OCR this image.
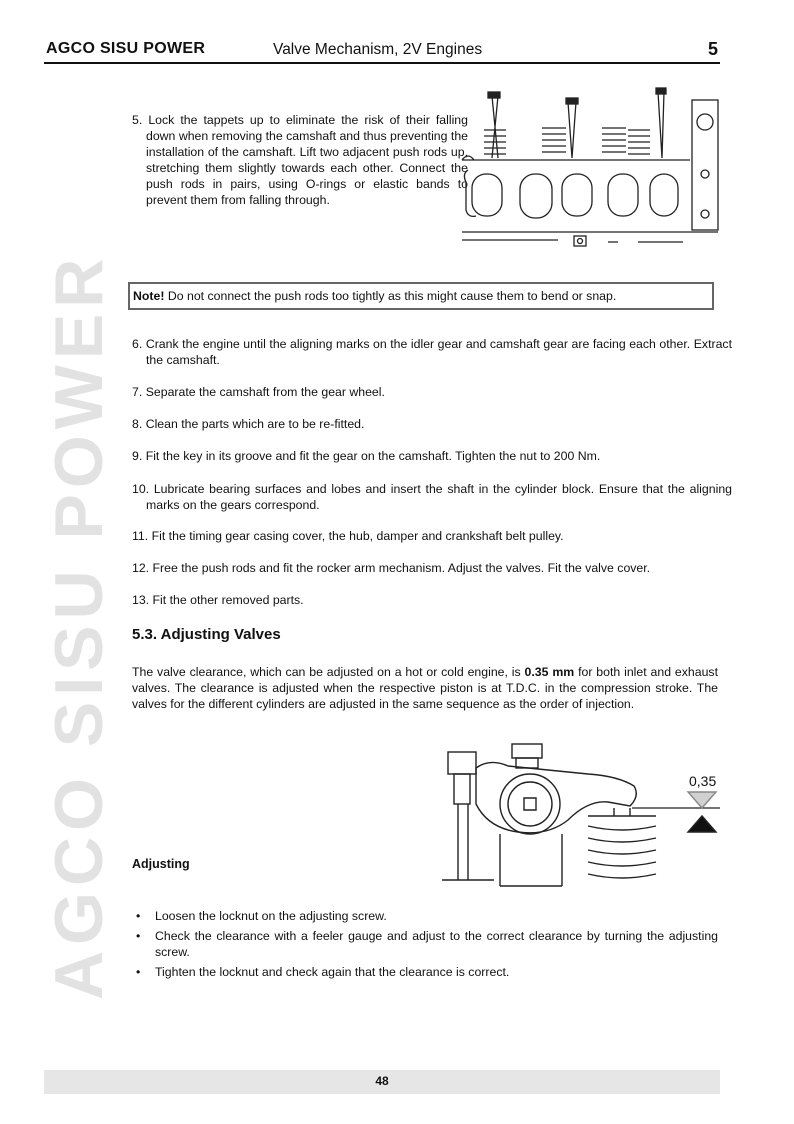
AGCO SISU POWER	Valve Mechanism, 2V Engines	5
AGCO SISU POWER
5. Lock the tappets up to eliminate the risk of their falling down when removing the camshaft and thus preventing the installation of the camshaft. Lift two adjacent push rods up, stretching them slightly towards each other. Connect the push rods in pairs, using O-rings or elastic bands to prevent them from falling through.
Note! Do not connect the push rods too tightly as this might cause them to bend or snap.
6. Crank the engine until the aligning marks on the idler gear and camshaft gear are facing each other. Extract the camshaft.
7. Separate the camshaft from the gear wheel.
8. Clean the parts which are to be re-fitted.
9. Fit the key in its groove and fit the gear on the camshaft. Tighten the nut to 200 Nm.
10. Lubricate bearing surfaces and lobes and insert the shaft in the cylinder block. Ensure that the aligning marks on the gears correspond.
11. Fit the timing gear casing cover, the hub, damper and crankshaft belt pulley.
12. Free the push rods and fit the rocker arm mechanism. Adjust the valves. Fit the valve cover.
13. Fit the other removed parts.
5.3. Adjusting Valves
The valve clearance, which can be adjusted on a hot or cold engine, is 0.35 mm for both inlet and exhaust valves. The clearance is adjusted when the respective piston is at T.D.C. in the compression stroke. The valves for the different cylinders are adjusted in the same sequence as the order of injection.
0,35
Adjusting
• Loosen the locknut on the adjusting screw.
• Check the clearance with a feeler gauge and adjust to the correct clearance by turning the adjusting screw.
• Tighten the locknut and check again that the clearance is correct.
48
